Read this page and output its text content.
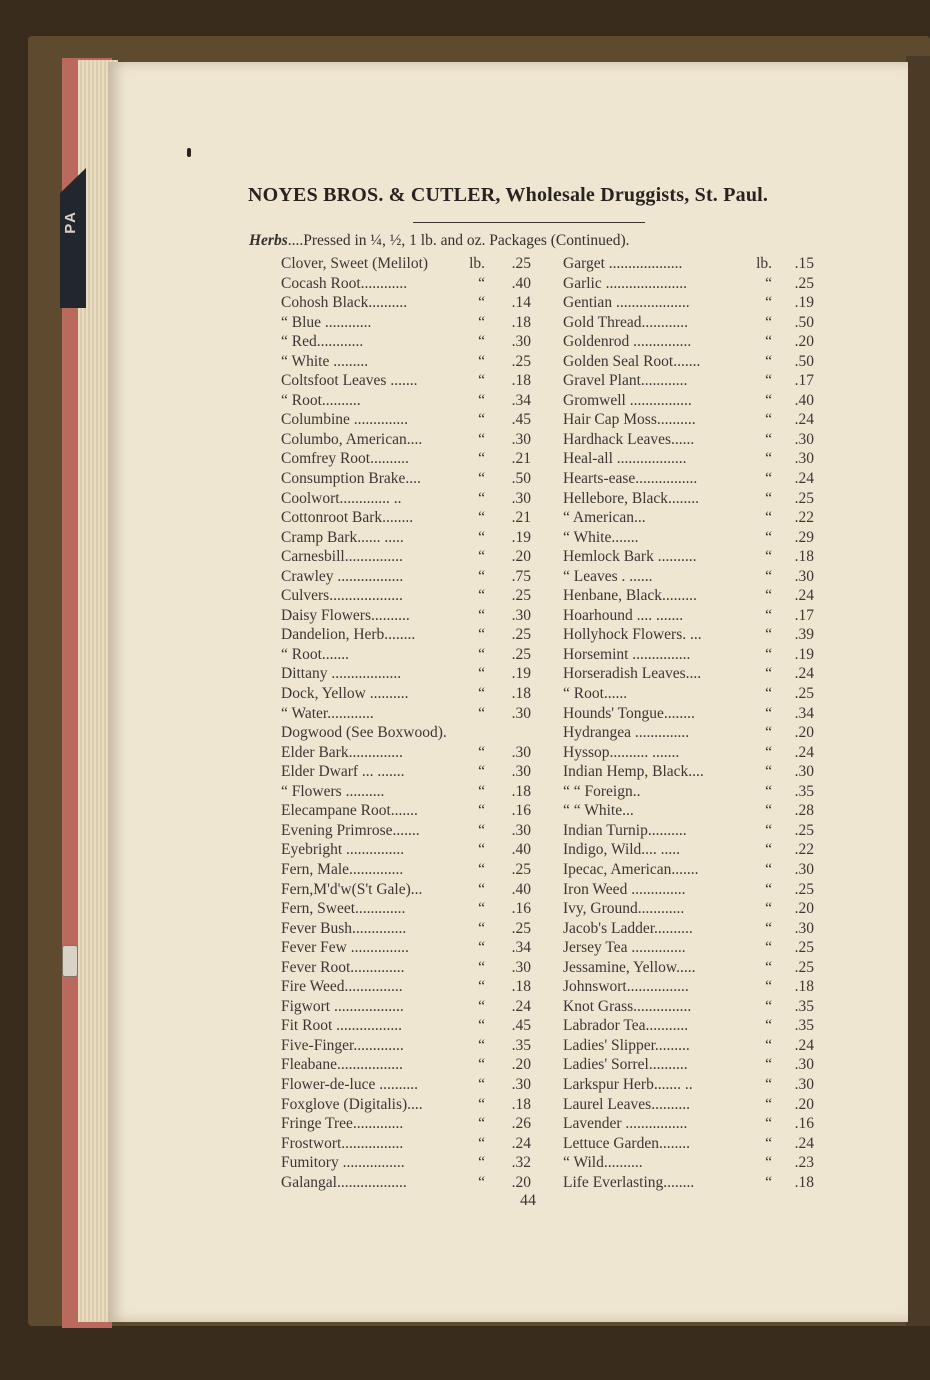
PA
NOYES BROS. & CUTLER, Wholesale Druggists, St. Paul.
Herbs....Pressed in ¼, ½, 1 lb. and oz. Packages (Continued).
Clover, Sweet (Melilot)	lb. .25
Cocash Root............	“ .40
Cohosh Black..........	“ .14
“ Blue ............	“ .18
“ Red............	“ .30
“ White .........	“ .25
Coltsfoot Leaves .......	“ .18
“ Root..........	“ .34
Columbine ..............	“ .45
Columbo, American....	“ .30
Comfrey Root..........	“ .21
Consumption Brake....	“ .50
Coolwort............. ..	“ .30
Cottonroot Bark........	“ .21
Cramp Bark...... .....	“ .19
Carnesbill...............	“ .20
Crawley .................	“ .75
Culvers...................	“ .25
Daisy Flowers..........	“ .30
Dandelion, Herb........	“ .25
“ Root.......	“ .25
Dittany ..................	“ .19
Dock, Yellow ..........	“ .18
“ Water............	“ .30
Dogwood (See Boxwood).
Elder Bark..............	“ .30
Elder Dwarf ... .......	“ .30
“ Flowers ..........	“ .18
Elecampane Root.......	“ .16
Evening Primrose.......	“ .30
Eyebright ...............	“ .40
Fern, Male..............	“ .25
Fern,M'd'w(S't Gale)...	“ .40
Fern, Sweet.............	“ .16
Fever Bush..............	“ .25
Fever Few ...............	“ .34
Fever Root..............	“ .30
Fire Weed...............	“ .18
Figwort ..................	“ .24
Fit Root .................	“ .45
Five-Finger.............	“ .35
Fleabane.................	“ .20
Flower-de-luce ..........	“ .30
Foxglove (Digitalis)....	“ .18
Fringe Tree.............	“ .26
Frostwort................	“ .24
Fumitory ................	“ .32
Galangal..................	“ .20
Garget ...................	lb. .15
Garlic .....................	“ .25
Gentian ...................	“ .19
Gold Thread............	“ .50
Goldenrod ...............	“ .20
Golden Seal Root.......	“ .50
Gravel Plant............	“ .17
Gromwell ................	“ .40
Hair Cap Moss..........	“ .24
Hardhack Leaves......	“ .30
Heal-all ..................	“ .30
Hearts-ease................	“ .24
Hellebore, Black........	“ .25
“ American...	“ .22
“ White.......	“ .29
Hemlock Bark ..........	“ .18
“ Leaves . ......	“ .30
Henbane, Black.........	“ .24
Hoarhound .... .......	“ .17
Hollyhock Flowers. ...	“ .39
Horsemint ...............	“ .19
Horseradish Leaves....	“ .24
“ Root......	“ .25
Hounds' Tongue........	“ .34
Hydrangea ..............	“ .20
Hyssop.......... .......	“ .24
Indian Hemp, Black....	“ .30
“ “ Foreign..	“ .35
“ “ White...	“ .28
Indian Turnip..........	“ .25
Indigo, Wild.... .....	“ .22
Ipecac, American.......	“ .30
Iron Weed ..............	“ .25
Ivy, Ground............	“ .20
Jacob's Ladder..........	“ .30
Jersey Tea ..............	“ .25
Jessamine, Yellow.....	“ .25
Johnswort................	“ .18
Knot Grass...............	“ .35
Labrador Tea...........	“ .35
Ladies' Slipper.........	“ .24
Ladies' Sorrel..........	“ .30
Larkspur Herb....... ..	“ .30
Laurel Leaves..........	“ .20
Lavender ................	“ .16
Lettuce Garden........	“ .24
“ Wild..........	“ .23
Life Everlasting........	“ .18
44
